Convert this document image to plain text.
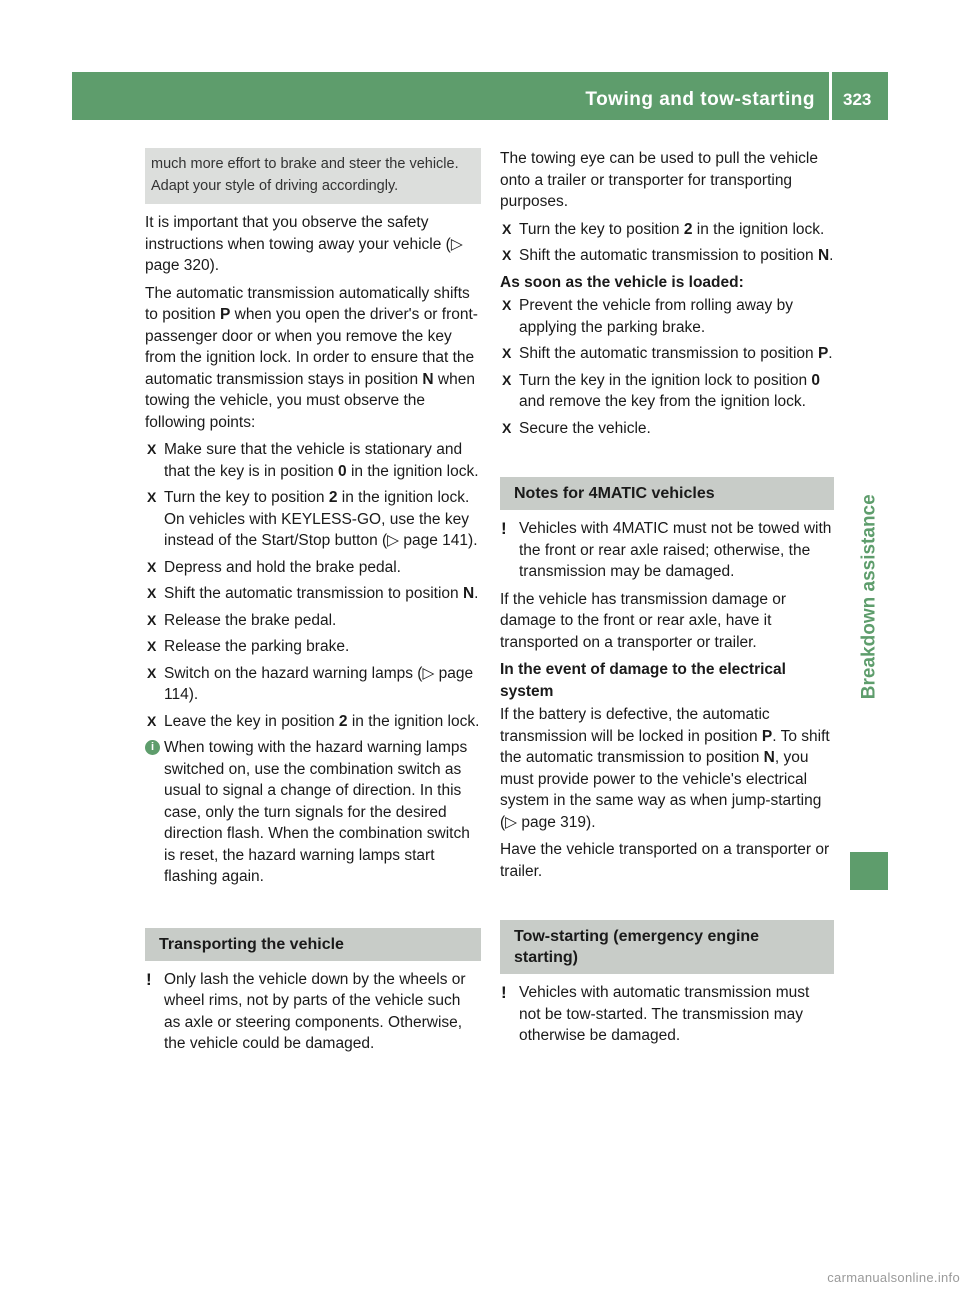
Towing and tow-starting 323
Breakdown assistance
much more effort to brake and steer the vehicle. Adapt your style of driving accordingly.

It is important that you observe the safety instructions when towing away your vehicle (▷ page 320).

The automatic transmission automatically shifts to position P when you open the driver's or front-passenger door or when you remove the key from the ignition lock. In order to ensure that the automatic transmission stays in position N when towing the vehicle, you must observe the following points:

X Make sure that the vehicle is stationary and that the key is in position 0 in the ignition lock.
X Turn the key to position 2 in the ignition lock.
On vehicles with KEYLESS-GO, use the key instead of the Start/Stop button (▷ page 141).
X Depress and hold the brake pedal.
X Shift the automatic transmission to position N.
X Release the brake pedal.
X Release the parking brake.
X Switch on the hazard warning lamps (▷ page 114).
X Leave the key in position 2 in the ignition lock.
i When towing with the hazard warning lamps switched on, use the combination switch as usual to signal a change of direction. In this case, only the turn signals for the desired direction flash. When the combination switch is reset, the hazard warning lamps start flashing again.
Transporting the vehicle
! Only lash the vehicle down by the wheels or wheel rims, not by parts of the vehicle such as axle or steering components. Otherwise, the vehicle could be damaged.

The towing eye can be used to pull the vehicle onto a trailer or transporter for transporting purposes.

X Turn the key to position 2 in the ignition lock.
X Shift the automatic transmission to position N.

As soon as the vehicle is loaded:

X Prevent the vehicle from rolling away by applying the parking brake.
X Shift the automatic transmission to position P.
X Turn the key in the ignition lock to position 0 and remove the key from the ignition lock.
X Secure the vehicle.
Notes for 4MATIC vehicles
! Vehicles with 4MATIC must not be towed with the front or rear axle raised; otherwise, the transmission may be damaged.

If the vehicle has transmission damage or damage to the front or rear axle, have it transported on a transporter or trailer.

In the event of damage to the electrical system

If the battery is defective, the automatic transmission will be locked in position P. To shift the automatic transmission to position N, you must provide power to the vehicle's electrical system in the same way as when jump-starting (▷ page 319).

Have the vehicle transported on a transporter or trailer.

Tow-starting (emergency engine starting)
! Vehicles with automatic transmission must not be tow-started. The transmission may otherwise be damaged.
carmanualsonline.info
